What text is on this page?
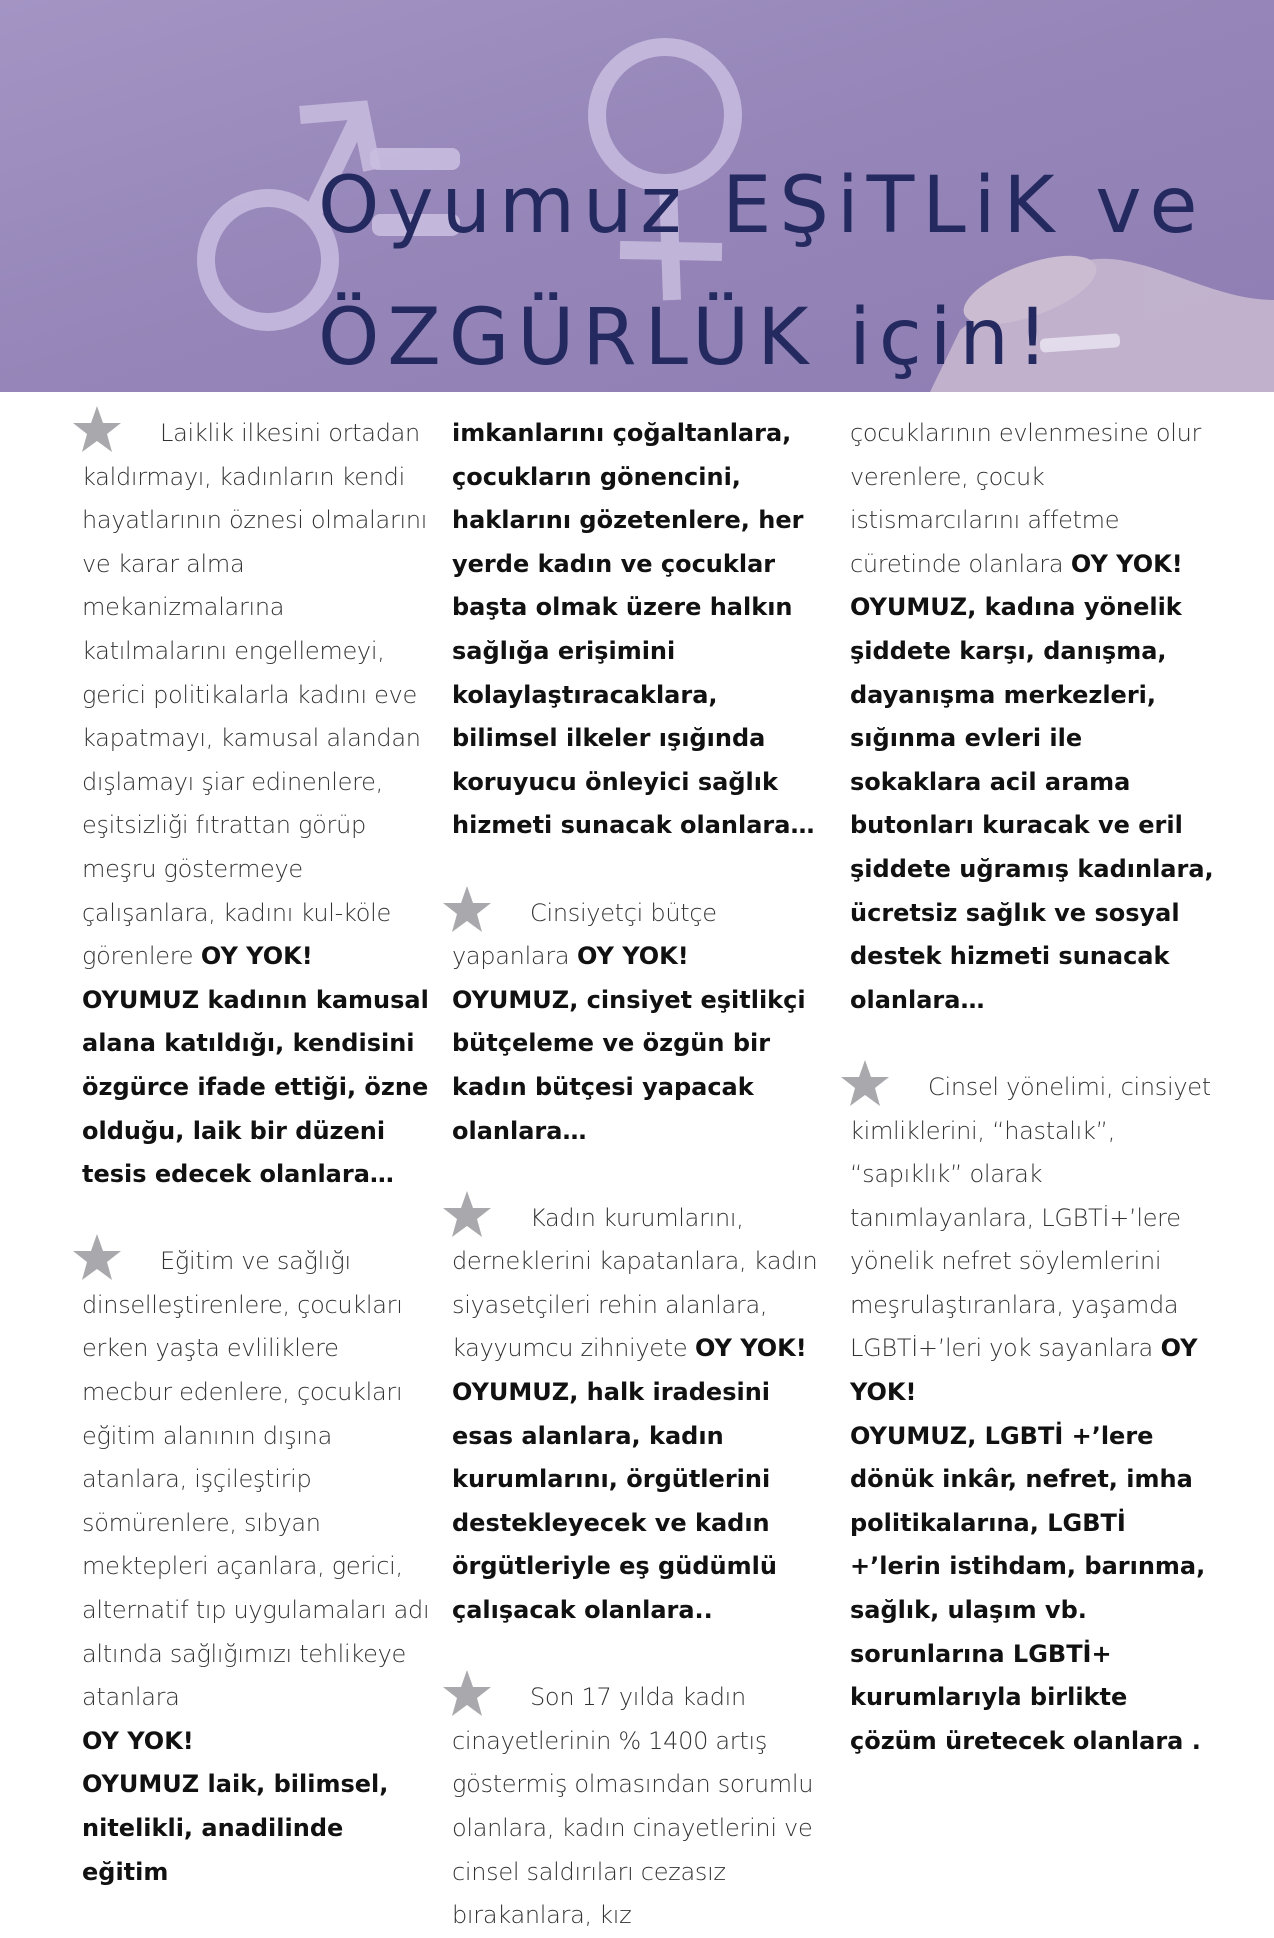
Oyumuz EŞiTLiK ve
ÖZGÜRLÜK için!
Laiklik ilkesini ortadan kaldırmayı, kadınların kendi hayatlarının öznesi olmalarını ve karar alma mekanizmalarına katılmalarını engellemeyi, gerici politikalarla kadını eve kapatmayı, kamusal alandan dışlamayı şiar edinenlere, eşitsizliği fıtrattan görüp meşru göstermeye çalışanlara, kadını kul-köle görenlere OY YOK!
OYUMUZ kadının kamusal alana katıldığı, kendisini özgürce ifade ettiği, özne olduğu, laik bir düzeni tesis edecek olanlara…
Eğitim ve sağlığı dinselleştirenlere, çocukları erken yaşta evliliklere mecbur edenlere, çocukları eğitim alanının dışına atanlara, işçileştirip sömürenlere, sıbyan mektepleri açanlara, gerici, alternatif tıp uygulamaları adı altında sağlığımızı tehlikeye atanlara
OY YOK!
OYUMUZ laik, bilimsel, nitelikli, anadilinde eğitim
imkanlarını çoğaltanlara, çocukların gönencini, haklarını gözetenlere, her yerde kadın ve çocuklar başta olmak üzere halkın sağlığa erişimini kolaylaştıracaklara, bilimsel ilkeler ışığında koruyucu önleyici sağlık hizmeti sunacak olanlara…
Cinsiyetçi bütçe yapanlara OY YOK!
OYUMUZ, cinsiyet eşitlikçi bütçeleme ve özgün bir kadın bütçesi yapacak olanlara…
Kadın kurumlarını, derneklerini kapatanlara, kadın siyasetçileri rehin alanlara, kayyumcu zihniyete OY YOK!
OYUMUZ, halk iradesini esas alanlara, kadın kurumlarını, örgütlerini destekleyecek ve kadın örgütleriyle eş güdümlü çalışacak olanlara..
Son 17 yılda kadın cinayetlerinin % 1400 artış göstermiş olmasından sorumlu olanlara, kadın cinayetlerini ve cinsel saldırıları cezasız bırakanlara, kız
çocuklarının evlenmesine olur verenlere, çocuk istismarcılarını affetme cüretinde olanlara OY YOK!
OYUMUZ, kadına yönelik şiddete karşı, danışma, dayanışma merkezleri, sığınma evleri ile sokaklara acil arama butonları kuracak ve eril şiddete uğramış kadınlara, ücretsiz sağlık ve sosyal destek hizmeti sunacak olanlara…
Cinsel yönelimi, cinsiyet kimliklerini, “hastalık”, “sapıklık” olarak tanımlayanlara, LGBTİ+’lere yönelik nefret söylemlerini meşrulaştıranlara, yaşamda LGBTİ+’leri yok sayanlara OY YOK!
OYUMUZ, LGBTİ +’lere dönük inkâr, nefret, imha politikalarına, LGBTİ +’lerin istihdam, barınma, sağlık, ulaşım vb. sorunlarına LGBTİ+ kurumlarıyla birlikte çözüm üretecek olanlara .
